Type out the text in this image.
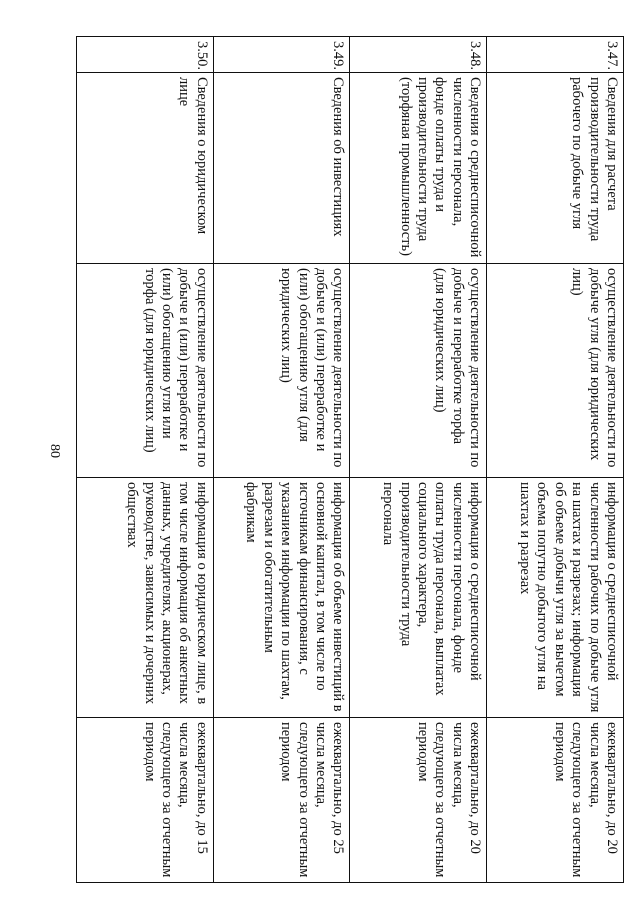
80
3.47.	Сведения для расчета производительности труда рабочего по добыче угля	осуществление деятельности по добыче угля (для юридических лиц)	информация о среднесписочной численности рабочих по добыче угля на шахтах и разрезах; информация об объеме добычи угля за вычетом объема попутно добытого угля на шахтах и разрезах	ежеквартально, до 20 числа месяца, следующего за отчетным периодом
3.48.	Сведения о среднесписочной численности персонала, фонде оплаты труда и производительности труда (торфяная промышленность)	осуществление деятельности по добыче и переработке торфа (для юридических лиц)	информация о среднесписочной численности персонала, фонде оплаты труда персонала, выплатах социального характера, производительности труда персонала	ежеквартально, до 20 числа месяца, следующего за отчетным периодом
3.49.	Сведения об инвестициях	осуществление деятельности по добыче и (или) переработке и (или) обогащению угля (для юридических лиц)	информация об объеме инвестиций в основной капитал, в том числе по источникам финансирования, с указанием информации по шахтам, разрезам и обогатительным фабрикам	ежеквартально, до 25 числа месяца, следующего за отчетным периодом
3.50.	Сведения о юридическом лице	осуществление деятельности по добыче и (или) переработке и (или) обогащению угля или торфа (для юридических лиц)	информация о юридическом лице, в том числе информация об анкетных данных, учредителях, акционерах, руководстве, зависимых и дочерних обществах	ежеквартально, до 15 числа месяца, следующего за отчетным периодом
